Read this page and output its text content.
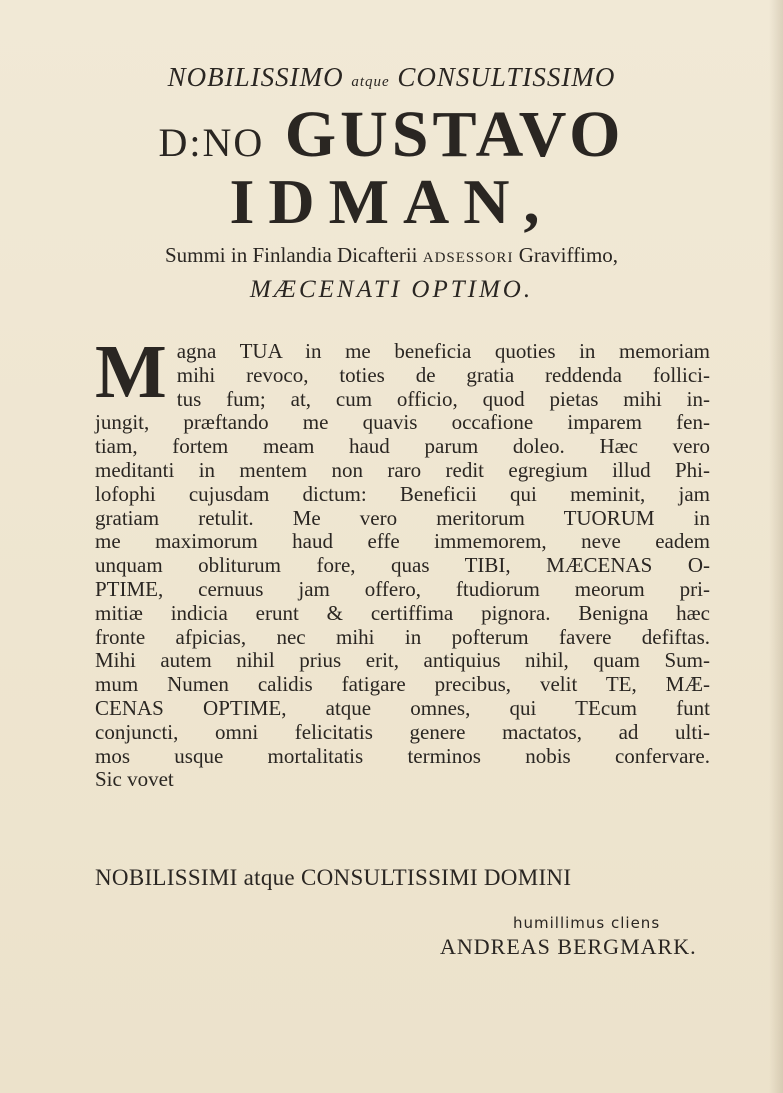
NOBILISSIMO atque CONSULTISSIMO
D:NO GUSTAVO
IDMAN,
Summi in Finlandia Dicafterii ADSESSORI Graviffimo,
MÆCENATI OPTIMO.
M agna TUA in me beneficia quoties in memoriam
mihi revoco, toties de gratia reddenda follici-
tus fum; at, cum officio, quod pietas mihi in-
jungit, præftando me quavis occafione imparem fen-
tiam, fortem meam haud parum doleo. Hæc vero
meditanti in mentem non raro redit egregium illud Phi-
lofophi cujusdam dictum: Beneficii qui meminit, jam
gratiam retulit. Me vero meritorum TUORUM in
me maximorum haud effe immemorem, neve eadem
unquam obliturum fore, quas TIBI, MÆCENAS O-
PTIME, cernuus jam offero, ftudiorum meorum pri-
mitiæ indicia erunt & certiffima pignora. Benigna hæc
fronte afpicias, nec mihi in pofterum favere defiftas.
Mihi autem nihil prius erit, antiquius nihil, quam Sum-
mum Numen calidis fatigare precibus, velit TE, MÆ-
CENAS OPTIME, atque omnes, qui TEcum funt
conjuncti, omni felicitatis genere mactatos, ad ulti-
mos usque mortalitatis terminos nobis confervare.
Sic vovet
NOBILISSIMI atque CONSULTISSIMI DOMINI
humillimus cliens
ANDREAS BERGMARK.
